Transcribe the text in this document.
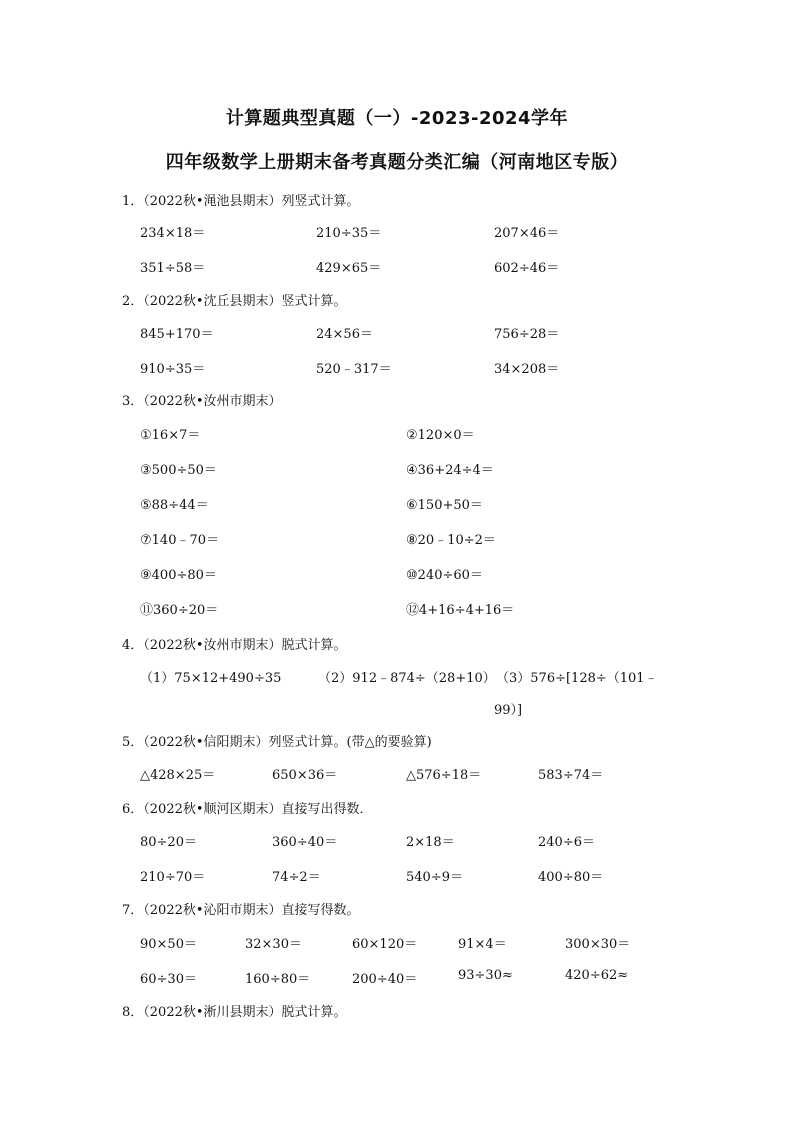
计算题典型真题（一）-2023-2024学年
四年级数学上册期末备考真题分类汇编（河南地区专版）
1．（2022秋•渑池县期末）列竖式计算。
234×18＝	210÷35＝	207×46＝
351÷58＝	429×65＝	602÷46＝
2．（2022秋•沈丘县期末）竖式计算。
845+170＝	24×56＝	756÷28＝
910÷35＝	520﹣317＝	34×208＝
3．（2022秋•汝州市期末）
①16×7＝	②120×0＝
③500÷50＝	④36+24÷4＝
⑤88÷44＝	⑥150+50＝
⑦140﹣70＝	⑧20﹣10÷2＝
⑨400÷80＝	⑩240÷60＝
⑪360÷20＝	⑫4+16÷4+16＝
4．（2022秋•汝州市期末）脱式计算。
（1）75×12+490÷35	（2）912﹣874÷（28+10） （3）576÷[128÷（101﹣
99）]
5．（2022秋•信阳期末）列竖式计算。(带△的要验算)
△428×25＝	650×36＝	△576÷18＝	583÷74＝
6．（2022秋•顺河区期末）直接写出得数．
80÷20＝	360÷40＝	2×18＝	240÷6＝
210÷70＝	74÷2＝	540÷9＝	400÷80＝
7．（2022秋•沁阳市期末）直接写得数。
90×50＝	32×30＝	60×120＝	91×4＝	300×30＝
60÷30＝	160÷80＝	200÷40＝	93÷30≈	420÷62≈
8．（2022秋•淅川县期末）脱式计算。
